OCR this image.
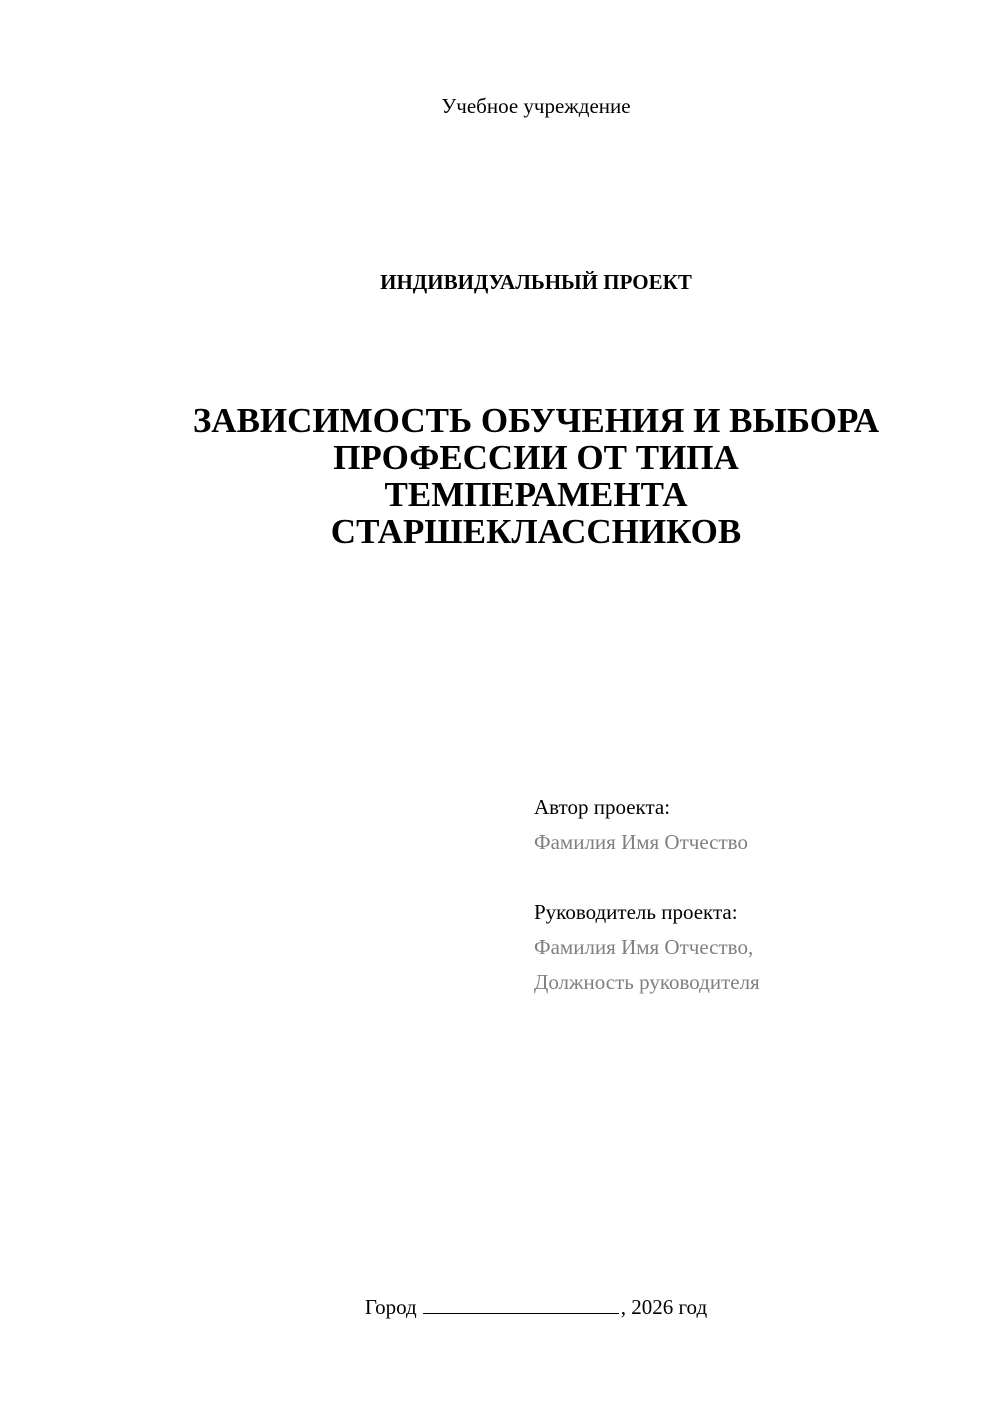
Учебное учреждение
ИНДИВИДУАЛЬНЫЙ ПРОЕКТ
ЗАВИСИМОСТЬ ОБУЧЕНИЯ И ВЫБОРА
ПРОФЕССИИ ОТ ТИПА
ТЕМПЕРАМЕНТА
СТАРШЕКЛАССНИКОВ
Автор проекта:
Фамилия Имя Отчество
Руководитель проекта:
Фамилия Имя Отчество,
Должность руководителя
Город	, 2026 год
